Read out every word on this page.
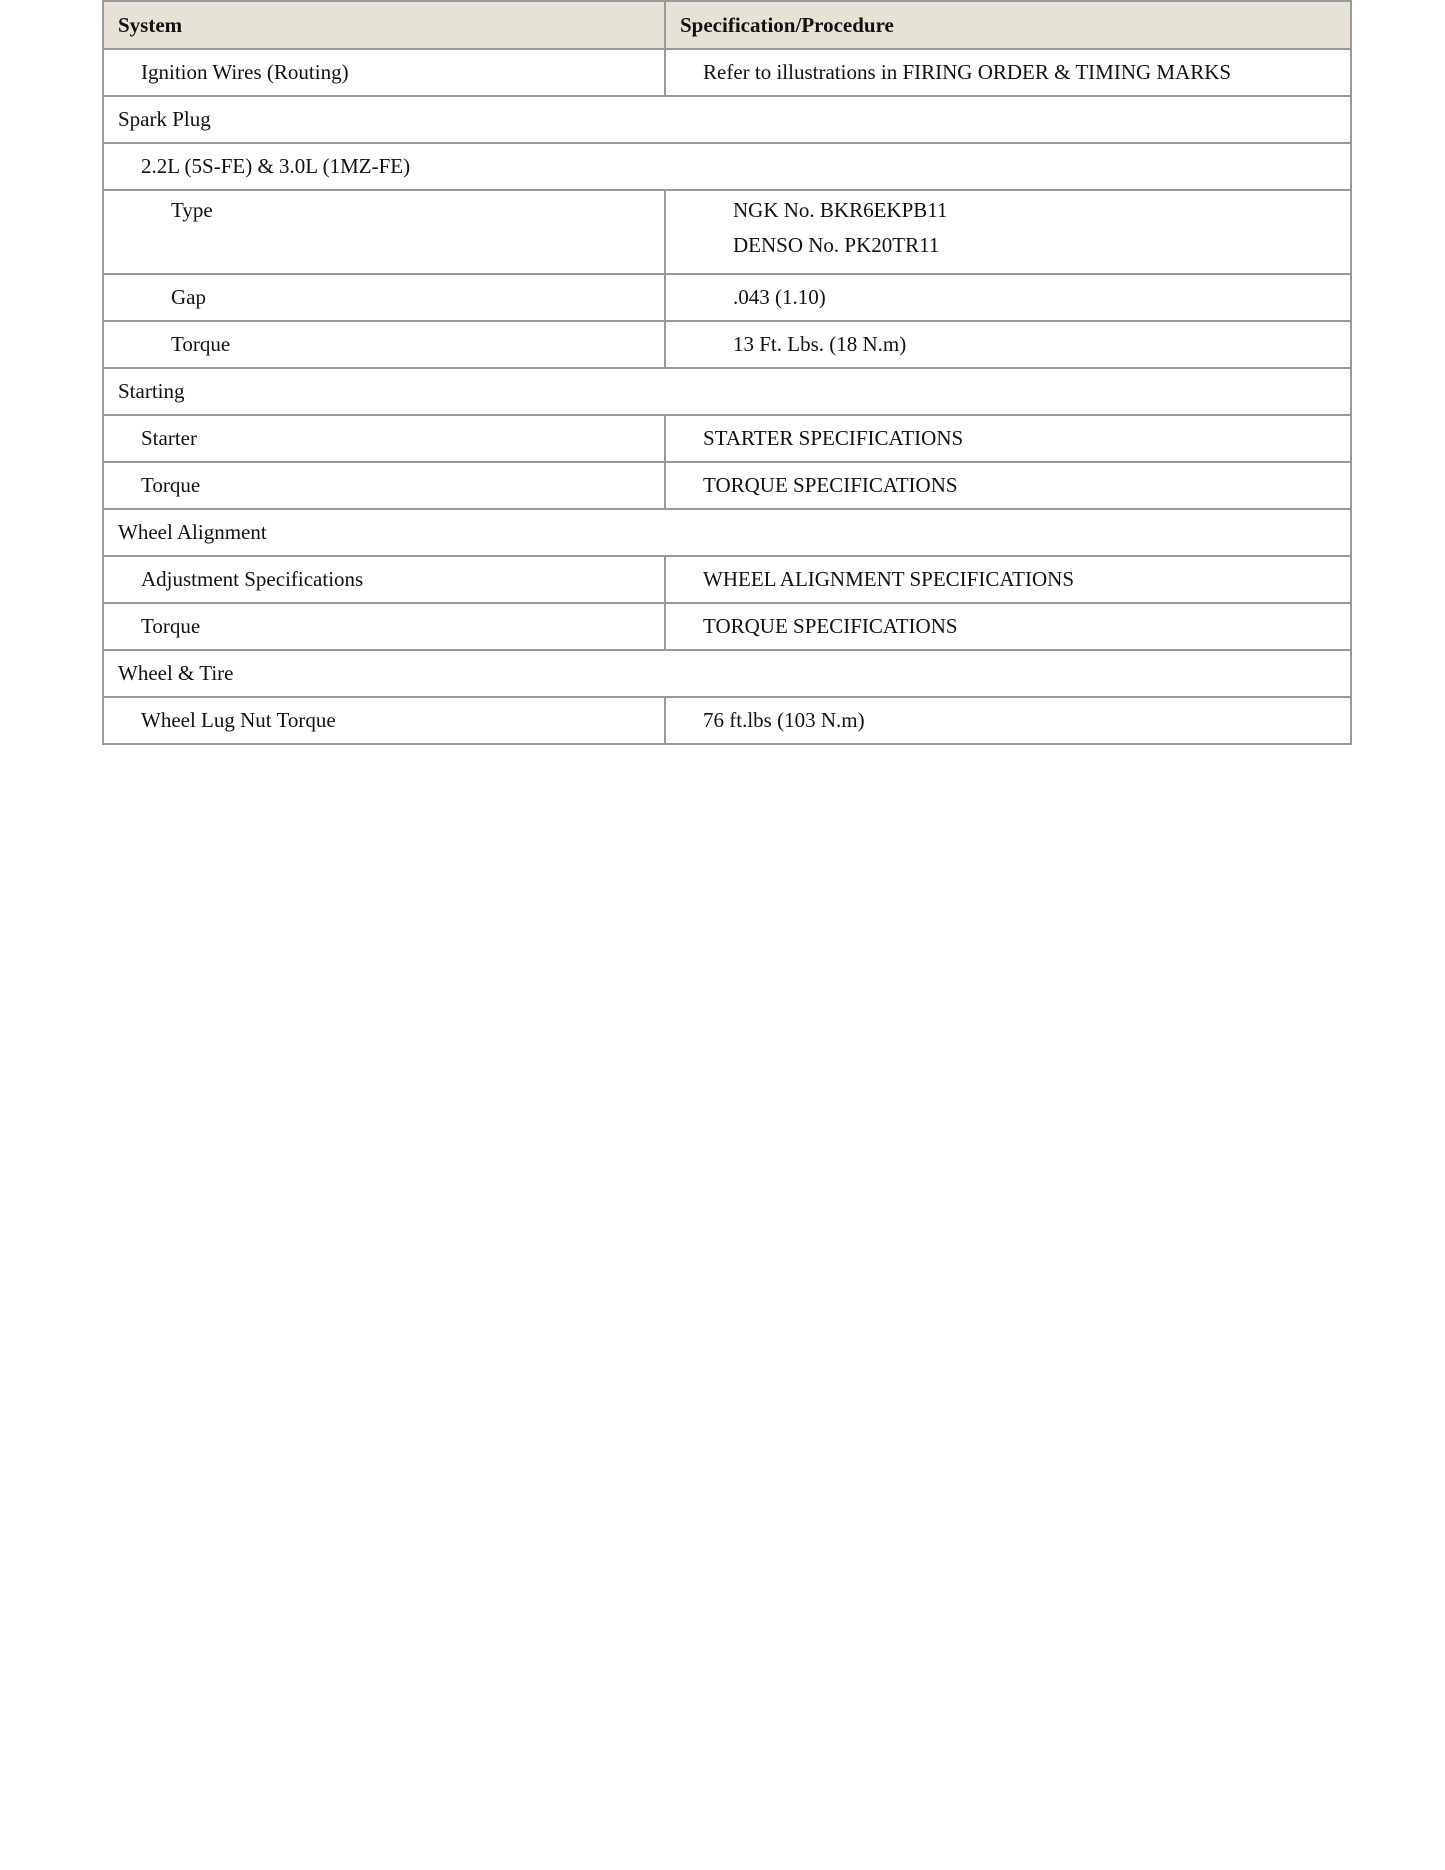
System	Specification/Procedure
Ignition Wires (Routing)	Refer to illustrations in FIRING ORDER & TIMING MARKS
Spark Plug	
2.2L (5S-FE) & 3.0L (1MZ-FE)	
Type	NGK No. BKR6EKPB11
DENSO No. PK20TR11

Gap	.043 (1.10)
Torque	13 Ft. Lbs. (18 N.m)
Starting	
Starter	STARTER SPECIFICATIONS
Torque	TORQUE SPECIFICATIONS
Wheel Alignment	
Adjustment Specifications	WHEEL ALIGNMENT SPECIFICATIONS
Torque	TORQUE SPECIFICATIONS
Wheel & Tire	
Wheel Lug Nut Torque	76 ft.lbs (103 N.m)
